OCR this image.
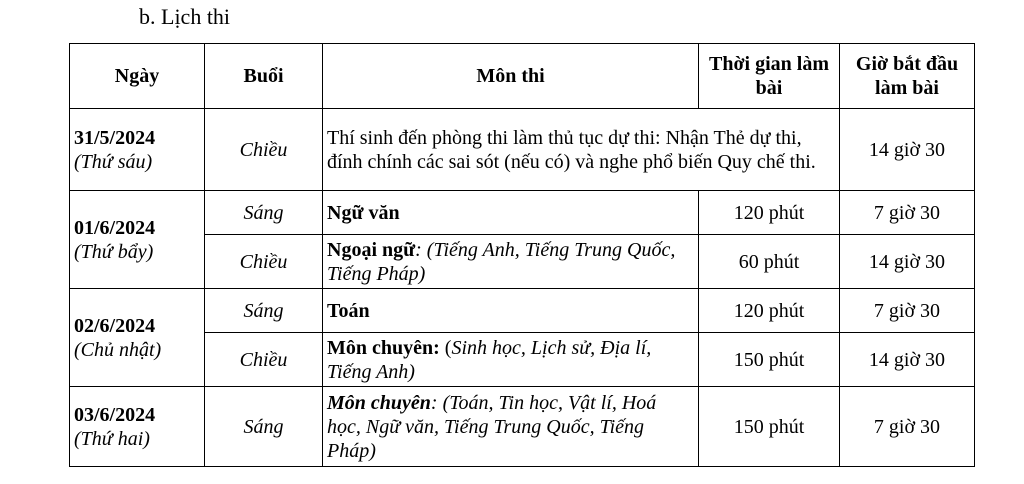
b. Lịch thi
Ngày	Buổi	Môn thi	Thời gian làm bài	Giờ bắt đầu làm bài

31/5/2024
(Thứ sáu)	Chiều	Thí sinh đến phòng thi làm thủ tục dự thi: Nhận Thẻ dự thi, đính chính các sai sót (nếu có) và nghe phổ biến Quy chế thi.		14 giờ 30

01/6/2024
(Thứ bẩy)	Sáng	Ngữ văn	120 phút	7 giờ 30
	Chiều	Ngoại ngữ: (Tiếng Anh, Tiếng Trung Quốc, Tiếng Pháp)	60 phút	14 giờ 30

02/6/2024
(Chủ nhật)	Sáng	Toán	120 phút	7 giờ 30
	Chiều	Môn chuyên: (Sinh học, Lịch sử, Địa lí, Tiếng Anh)	150 phút	14 giờ 30

03/6/2024
(Thứ hai)	Sáng	Môn chuyên: (Toán, Tin học, Vật lí, Hoá học, Ngữ văn, Tiếng Trung Quốc, Tiếng Pháp)	150 phút	7 giờ 30
